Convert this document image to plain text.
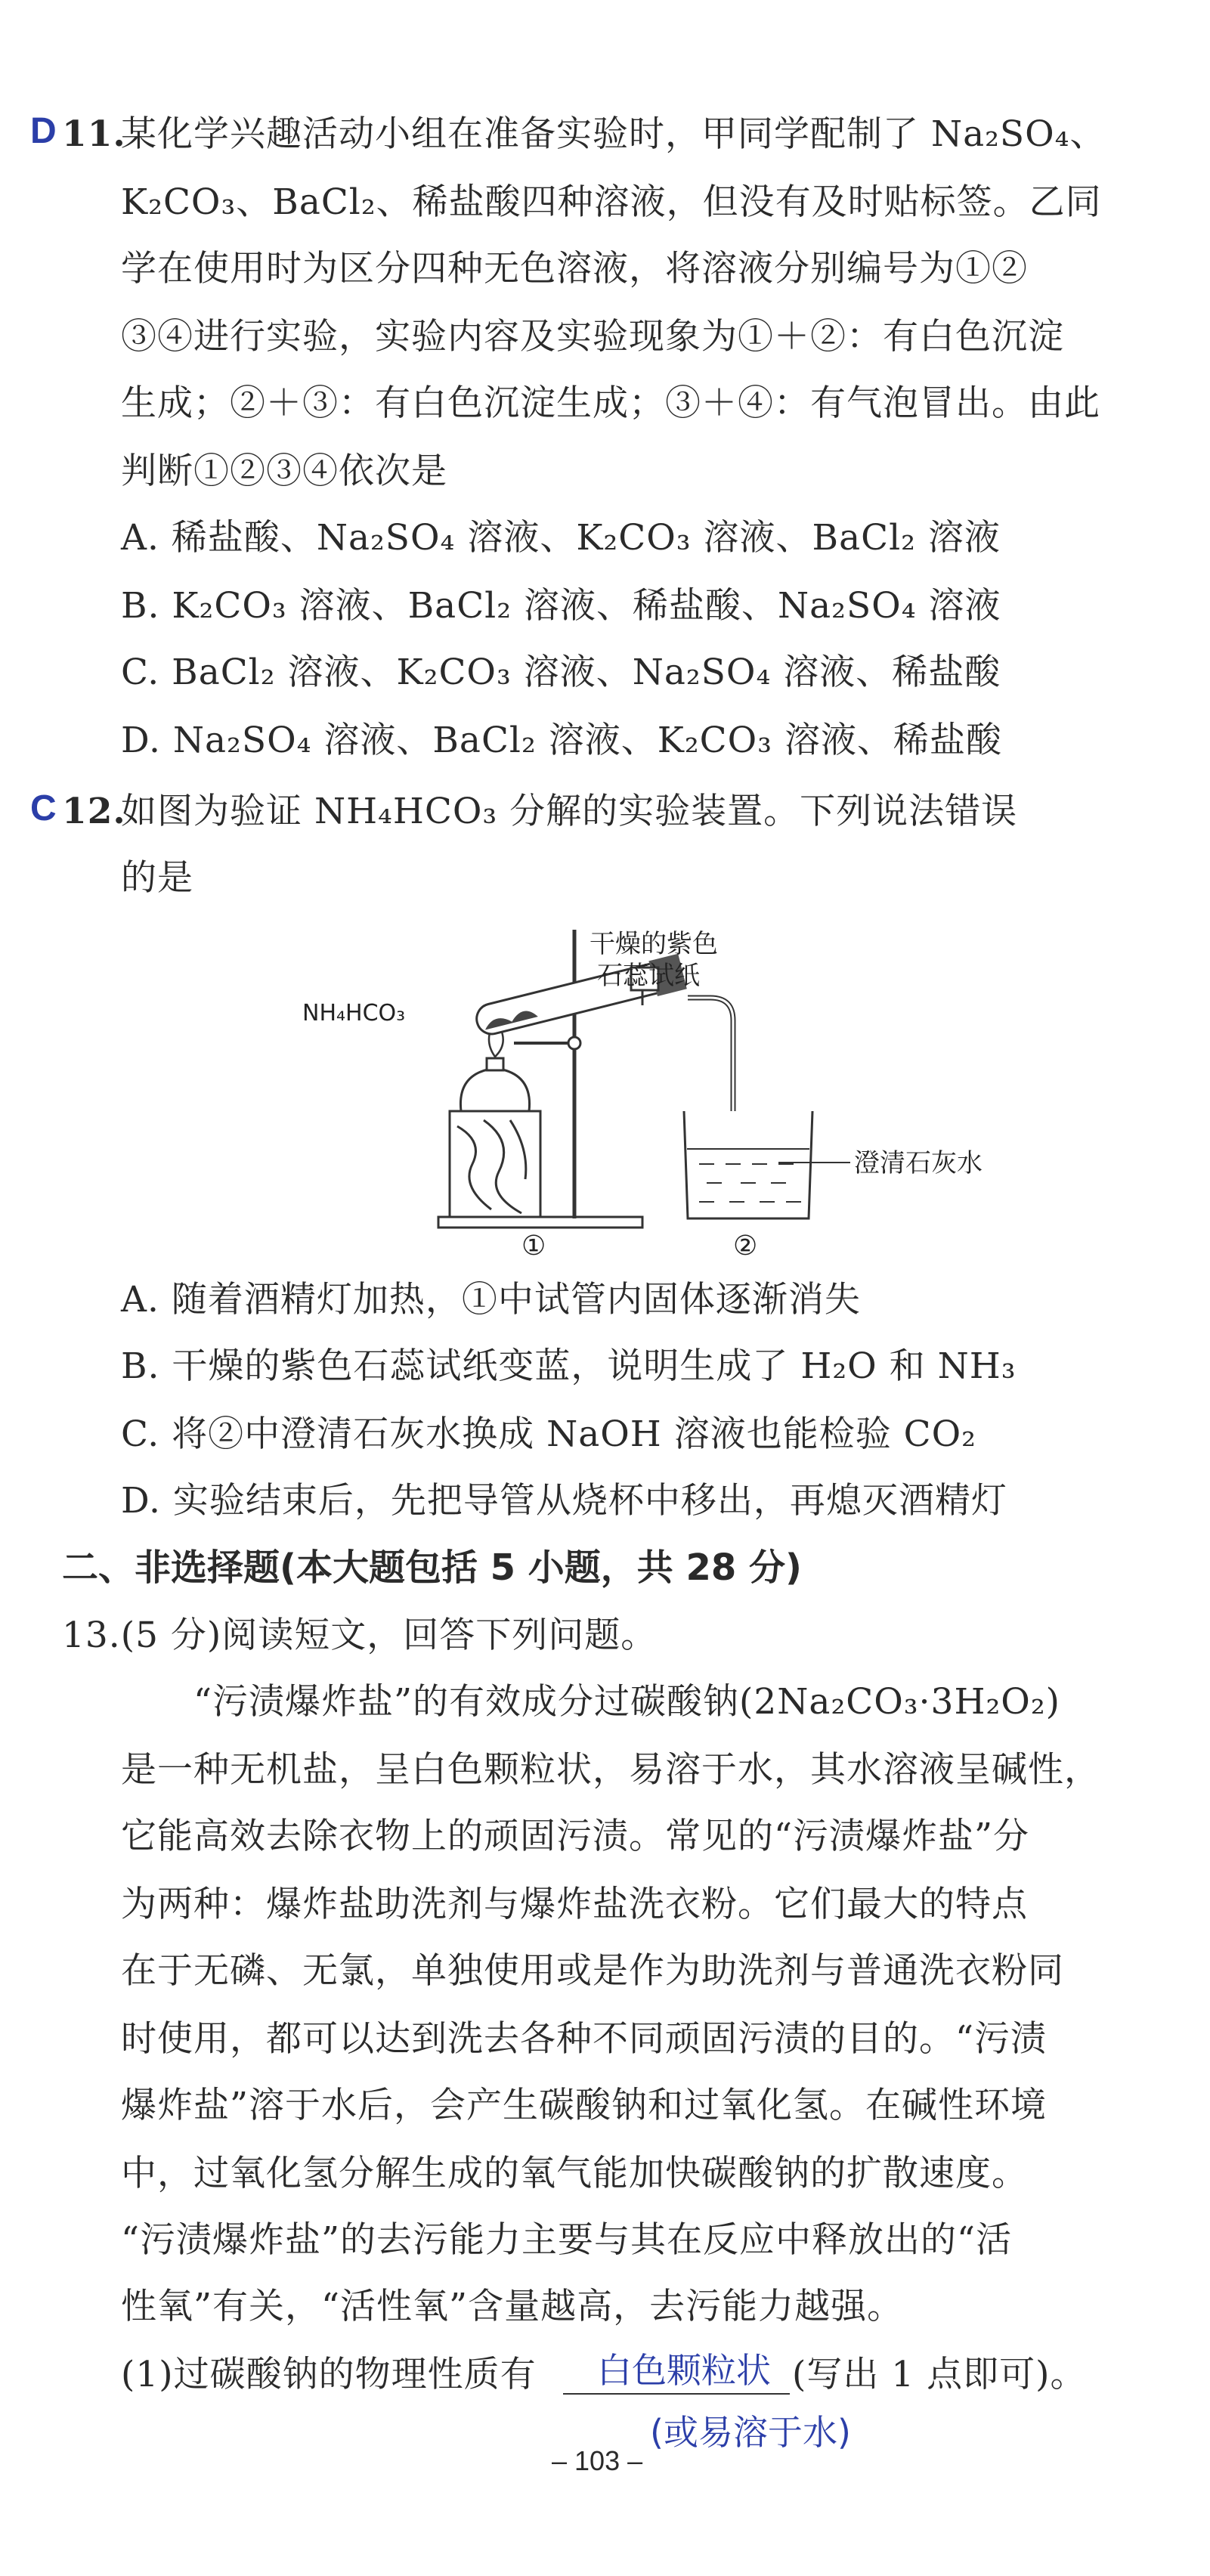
D 11.
某化学兴趣活动小组在准备实验时，甲同学配制了 Na₂SO₄、
K₂CO₃、BaCl₂、稀盐酸四种溶液，但没有及时贴标签。乙同
学在使用时为区分四种无色溶液，将溶液分别编号为①②
③④进行实验，实验内容及实验现象为①＋②：有白色沉淀
生成；②＋③：有白色沉淀生成；③＋④：有气泡冒出。由此
判断①②③④依次是
A. 稀盐酸、Na₂SO₄ 溶液、K₂CO₃ 溶液、BaCl₂ 溶液
B. K₂CO₃ 溶液、BaCl₂ 溶液、稀盐酸、Na₂SO₄ 溶液
C. BaCl₂ 溶液、K₂CO₃ 溶液、Na₂SO₄ 溶液、稀盐酸
D. Na₂SO₄ 溶液、BaCl₂ 溶液、K₂CO₃ 溶液、稀盐酸
C 12.
如图为验证 NH₄HCO₃ 分解的实验装置。下列说法错误
的是
干燥的紫色
石蕊试纸
NH₄HCO₃
澄清石灰水
①	②
A. 随着酒精灯加热，①中试管内固体逐渐消失
B. 干燥的紫色石蕊试纸变蓝，说明生成了 H₂O 和 NH₃
C. 将②中澄清石灰水换成 NaOH 溶液也能检验 CO₂
D. 实验结束后，先把导管从烧杯中移出，再熄灭酒精灯
二、非选择题(本大题包括 5 小题，共 28 分)
13.(5 分)阅读短文，回答下列问题。
“污渍爆炸盐”的有效成分过碳酸钠(2Na₂CO₃·3H₂O₂)
是一种无机盐，呈白色颗粒状，易溶于水，其水溶液呈碱性，
它能高效去除衣物上的顽固污渍。常见的“污渍爆炸盐”分
为两种：爆炸盐助洗剂与爆炸盐洗衣粉。它们最大的特点
在于无磷、无氯，单独使用或是作为助洗剂与普通洗衣粉同
时使用，都可以达到洗去各种不同顽固污渍的目的。“污渍
爆炸盐”溶于水后，会产生碳酸钠和过氧化氢。在碱性环境
中，过氧化氢分解生成的氧气能加快碳酸钠的扩散速度。
“污渍爆炸盐”的去污能力主要与其在反应中释放出的“活
性氧”有关，“活性氧”含量越高，去污能力越强。
(1)过碳酸钠的物理性质有 白色颗粒状 (写出 1 点即可)。
(或易溶于水)
– 103 –
